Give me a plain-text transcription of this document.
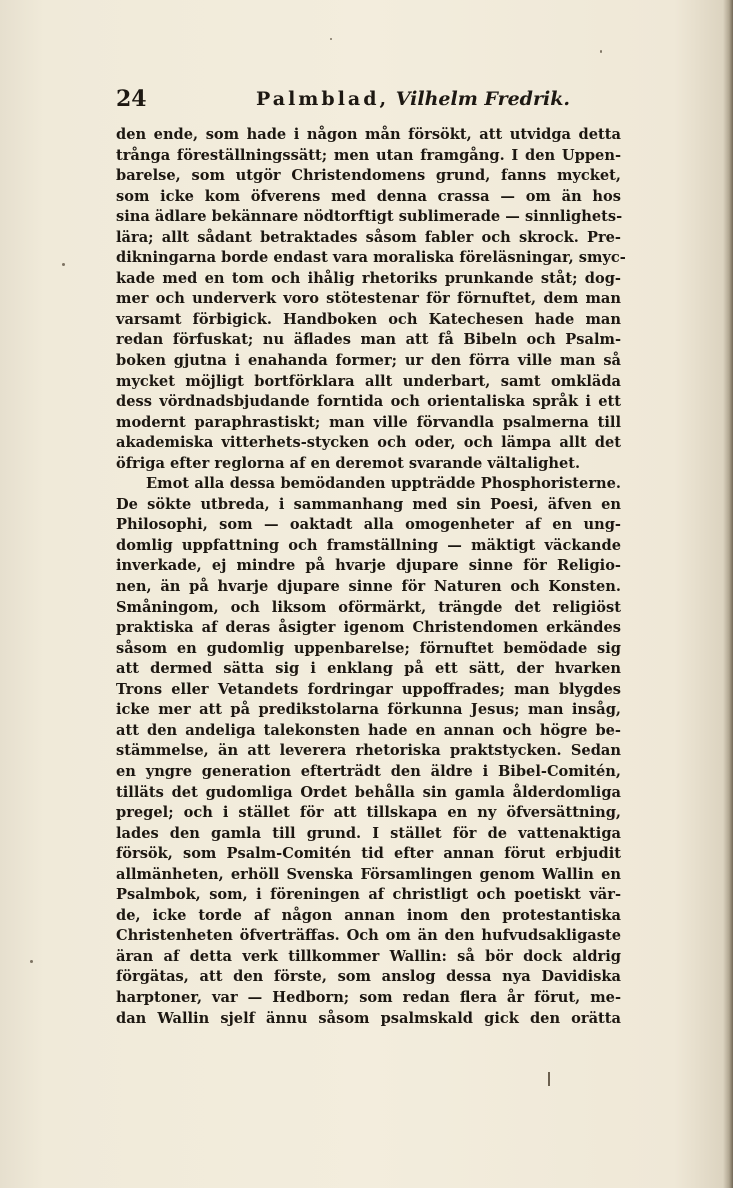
24	Palmblad, Vilhelm Fredrik.
den ende, som hade i någon mån försökt, att utvidga detta
trånga föreställningssätt; men utan framgång. I den Uppen-
barelse, som utgör Christendomens grund, fanns mycket,
som icke kom öfverens med denna crassa — om än hos
sina ädlare bekännare nödtorftigt sublimerade — sinnlighets-
lära; allt sådant betraktades såsom fabler och skrock. Pre-
dikningarna borde endast vara moraliska föreläsningar, smyc-
kade med en tom och ihålig rhetoriks prunkande ståt; dog-
mer och underverk voro stötestenar för förnuftet, dem man
varsamt förbigick. Handboken och Katechesen hade man
redan förfuskat; nu äflades man att få Bibeln och Psalm-
boken gjutna i enahanda former; ur den förra ville man så
mycket möjligt bortförklara allt underbart, samt omkläda
dess vördnadsbjudande forntida och orientaliska språk i ett
modernt paraphrastiskt; man ville förvandla psalmerna till
akademiska vitterhets-stycken och oder, och lämpa allt det
öfriga efter reglorna af en deremot svarande vältalighet.
Emot alla dessa bemödanden uppträdde Phosphoristerne.
De sökte utbreda, i sammanhang med sin Poesi, äfven en
Philosophi, som — oaktadt alla omogenheter af en ung-
domlig uppfattning och framställning — mäktigt väckande
inverkade, ej mindre på hvarje djupare sinne för Religio-
nen, än på hvarje djupare sinne för Naturen och Konsten.
Småningom, och liksom oförmärkt, trängde det religiöst
praktiska af deras åsigter igenom Christendomen erkändes
såsom en gudomlig uppenbarelse; förnuftet bemödade sig
att dermed sätta sig i enklang på ett sätt, der hvarken
Trons eller Vetandets fordringar uppoffrades; man blygdes
icke mer att på predikstolarna förkunna Jesus; man insåg,
att den andeliga talekonsten hade en annan och högre be-
stämmelse, än att leverera rhetoriska praktstycken. Sedan
en yngre generation efterträdt den äldre i Bibel-Comitén,
tilläts det gudomliga Ordet behålla sin gamla ålderdomliga
pregel; och i stället för att tillskapa en ny öfversättning,
lades den gamla till grund. I stället för de vattenaktiga
försök, som Psalm-Comitén tid efter annan förut erbjudit
allmänheten, erhöll Svenska Församlingen genom Wallin en
Psalmbok, som, i föreningen af christligt och poetiskt vär-
de, icke torde af någon annan inom den protestantiska
Christenheten öfverträffas. Och om än den hufvudsakligaste
äran af detta verk tillkommer Wallin: så bör dock aldrig
förgätas, att den förste, som anslog dessa nya Davidiska
harptoner, var — Hedborn; som redan flera år förut, me-
dan Wallin sjelf ännu såsom psalmskald gick den orätta
